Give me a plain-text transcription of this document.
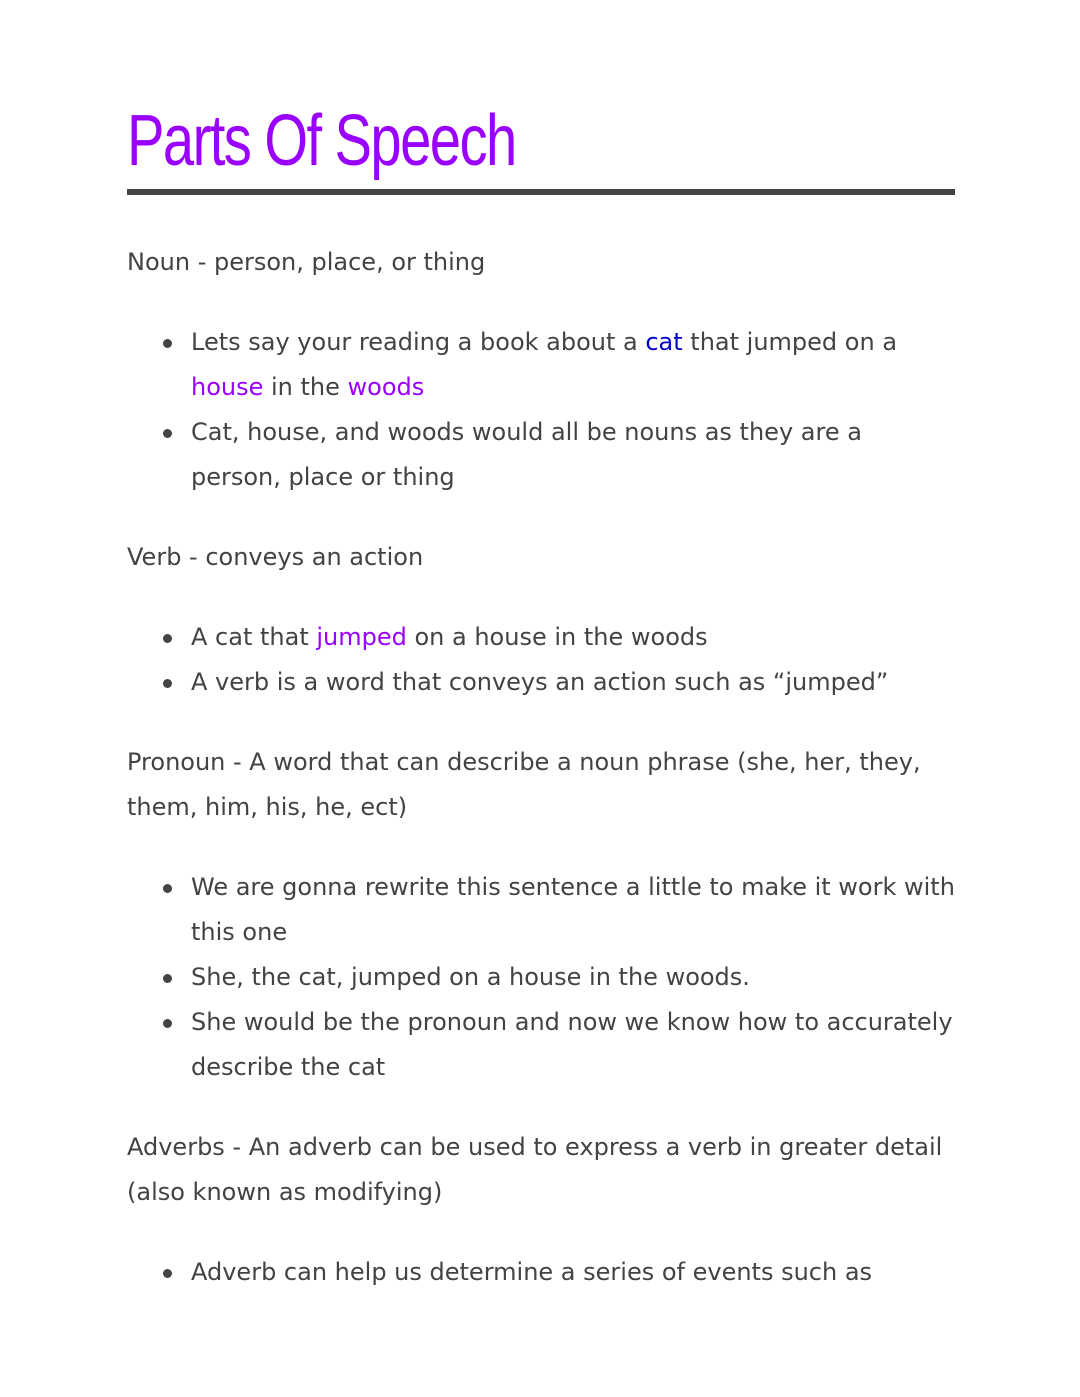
Parts Of Speech

Noun - person, place, or thing

Lets say your reading a book about a cat that jumped on a house in the woods
Cat, house, and woods would all be nouns as they are a person, place or thing

Verb - conveys an action

A cat that jumped on a house in the woods
A verb is a word that conveys an action such as “jumped”

Pronoun - A word that can describe a noun phrase (she, her, they, them, him, his, he, ect)

We are gonna rewrite this sentence a little to make it work with this one
She, the cat, jumped on a house in the woods.
She would be the pronoun and now we know how to accurately describe the cat

Adverbs - An adverb can be used to express a verb in greater detail (also known as modifying)

Adverb can help us determine a series of events such as
